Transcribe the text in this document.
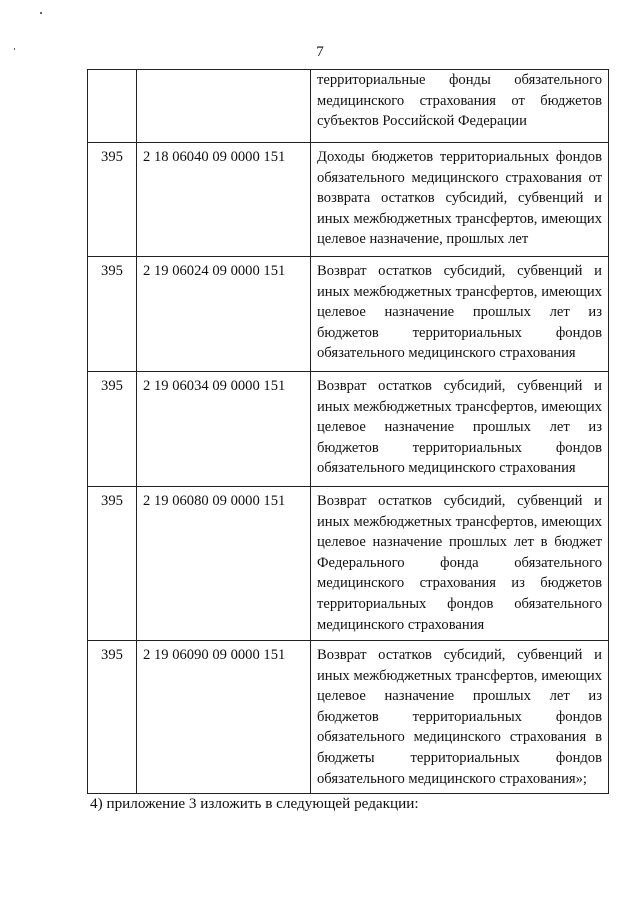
7
		территориальные фонды обязательного медицинского страхования от бюджетов субъектов Российской Федерации
395	2 18 06040 09 0000 151	Доходы бюджетов территориальных фондов обязательного медицинского страхования от возврата остатков субсидий, субвенций и иных межбюджетных трансфертов, имеющих целевое назначение, прошлых лет
395	2 19 06024 09 0000 151	Возврат остатков субсидий, субвенций и иных межбюджетных трансфертов, имеющих целевое назначение прошлых лет из бюджетов территориальных фондов обязательного медицинского страхования
395	2 19 06034 09 0000 151	Возврат остатков субсидий, субвенций и иных межбюджетных трансфертов, имеющих целевое назначение прошлых лет из бюджетов территориальных фондов обязательного медицинского страхования
395	2 19 06080 09 0000 151	Возврат остатков субсидий, субвенций и иных межбюджетных трансфертов, имеющих целевое назначение прошлых лет в бюджет Федерального фонда обязательного медицинского страхования из бюджетов территориальных фондов обязательного медицинского страхования
395	2 19 06090 09 0000 151	Возврат остатков субсидий, субвенций и иных межбюджетных трансфертов, имеющих целевое назначение прошлых лет из бюджетов территориальных фондов обязательного медицинского страхования в бюджеты территориальных фондов обязательного медицинского страхования»;
4) приложение 3 изложить в следующей редакции:
